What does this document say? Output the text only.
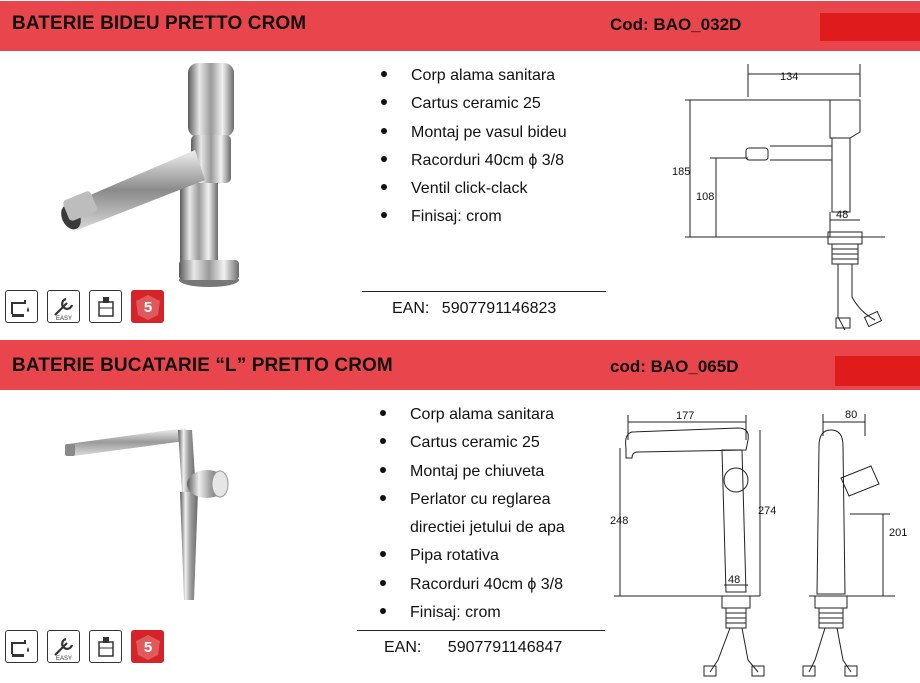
BATERIE BIDEU PRETTO CROM	Cod: BAO_032D
EASY
5
Corp alama sanitara
Cartus ceramic 25
Montaj pe vasul bideu
Racorduri 40cm ϕ 3/8
Ventil click-clack
Finisaj: crom
EAN: 5907791146823
134
185
108
48
BATERIE BUCATARIE “L” PRETTO CROM	cod: BAO_065D
EASY
5
Corp alama sanitara
Cartus ceramic 25
Montaj pe chiuveta
Perlator cu reglarea
directiei jetului de apa
Pipa rotativa
Racorduri 40cm ϕ 3/8
Finisaj: crom
EAN: 5907791146847
177
248
274
48
80
201
